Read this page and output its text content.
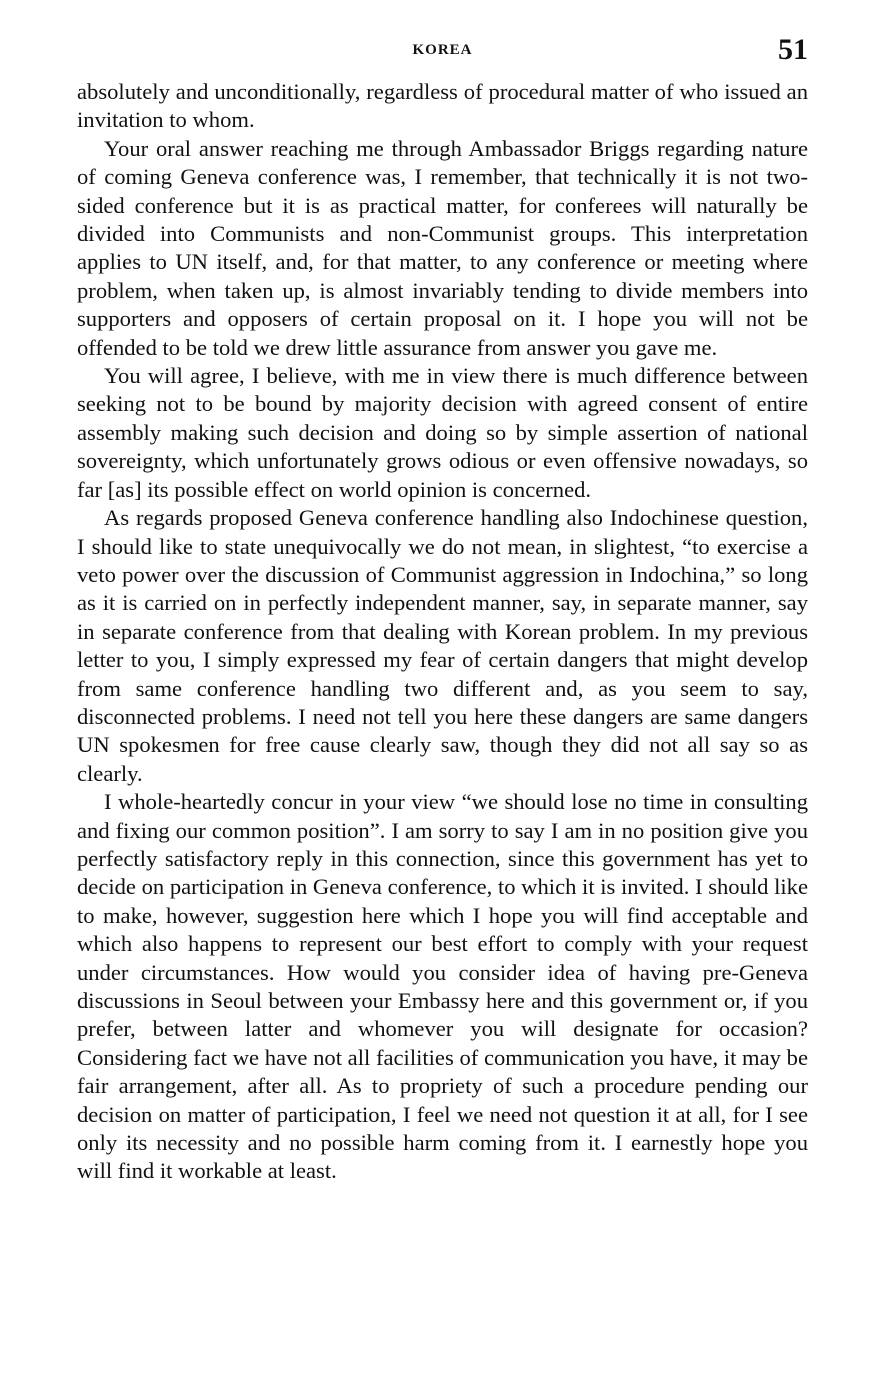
KOREA	51

absolutely and unconditionally, regardless of procedural matter of who issued an invitation to whom.

Your oral answer reaching me through Ambassador Briggs regarding nature of coming Geneva conference was, I remember, that technically it is not two-sided conference but it is as practical matter, for conferees will naturally be divided into Communists and non-Communist groups. This interpretation applies to UN itself, and, for that matter, to any conference or meeting where problem, when taken up, is almost invariably tending to divide members into supporters and opposers of certain proposal on it. I hope you will not be offended to be told we drew little assurance from answer you gave me.

You will agree, I believe, with me in view there is much difference between seeking not to be bound by majority decision with agreed consent of entire assembly making such decision and doing so by simple assertion of national sovereignty, which unfortunately grows odious or even offensive nowadays, so far [as] its possible effect on world opinion is concerned.

As regards proposed Geneva conference handling also Indochinese question, I should like to state unequivocally we do not mean, in slightest, “to exercise a veto power over the discussion of Communist aggression in Indochina,” so long as it is carried on in perfectly independent manner, say, in separate manner, say in separate conference from that dealing with Korean problem. In my previous letter to you, I simply expressed my fear of certain dangers that might develop from same conference handling two different and, as you seem to say, disconnected problems. I need not tell you here these dangers are same dangers UN spokesmen for free cause clearly saw, though they did not all say so as clearly.

I whole-heartedly concur in your view “we should lose no time in consulting and fixing our common position”. I am sorry to say I am in no position give you perfectly satisfactory reply in this connection, since this government has yet to decide on participation in Geneva conference, to which it is invited. I should like to make, however, suggestion here which I hope you will find acceptable and which also happens to represent our best effort to comply with your request under circumstances. How would you consider idea of having pre-Geneva discussions in Seoul between your Embassy here and this government or, if you prefer, between latter and whomever you will designate for occasion? Considering fact we have not all facilities of communication you have, it may be fair arrangement, after all. As to propriety of such a procedure pending our decision on matter of participation, I feel we need not question it at all, for I see only its necessity and no possible harm coming from it. I earnestly hope you will find it workable at least.
